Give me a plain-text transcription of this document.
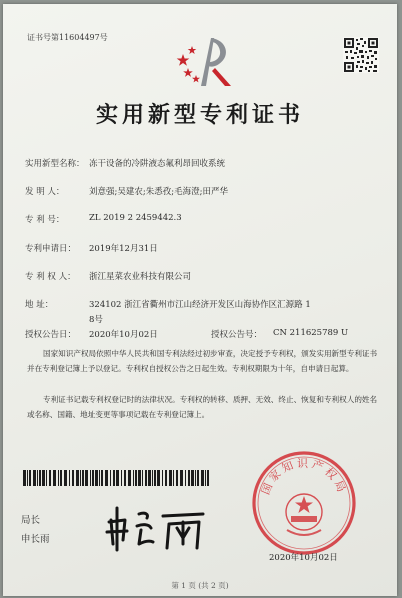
证书号第11604497号
实用新型专利证书
实用新型名称： 冻干设备的冷阱液态氟利昂回收系统
发 明 人：	刘意强;吴建农;朱悉孜;毛海澄;田严华
专 利 号：	ZL 2019 2 2459442.3
专利申请日： 2019年12月31日
专 利 权 人： 浙江星菜农业科技有限公司
地 址：	324102 浙江省衢州市江山经济开发区山海协作区汇源路 1
8号
授权公告日： 2020年10月02日	授权公告号： CN 211625789 U
国家知识产权局依照中华人民共和国专利法经过初步审查，决定授予专利权，颁发实用新型专利证书并在专利登记簿上予以登记。专利权自授权公告之日起生效。专利权期限为十年，自申请日起算。
专利证书记载专利权登记时的法律状况。专利权的转移、质押、无效、终止、恢复和专利权人的姓名或名称、国籍、地址变更等事项记载在专利登记簿上。
局长
申长雨
国家知识产权局
2020年10月02日
第 1 页 (共 2 页)
